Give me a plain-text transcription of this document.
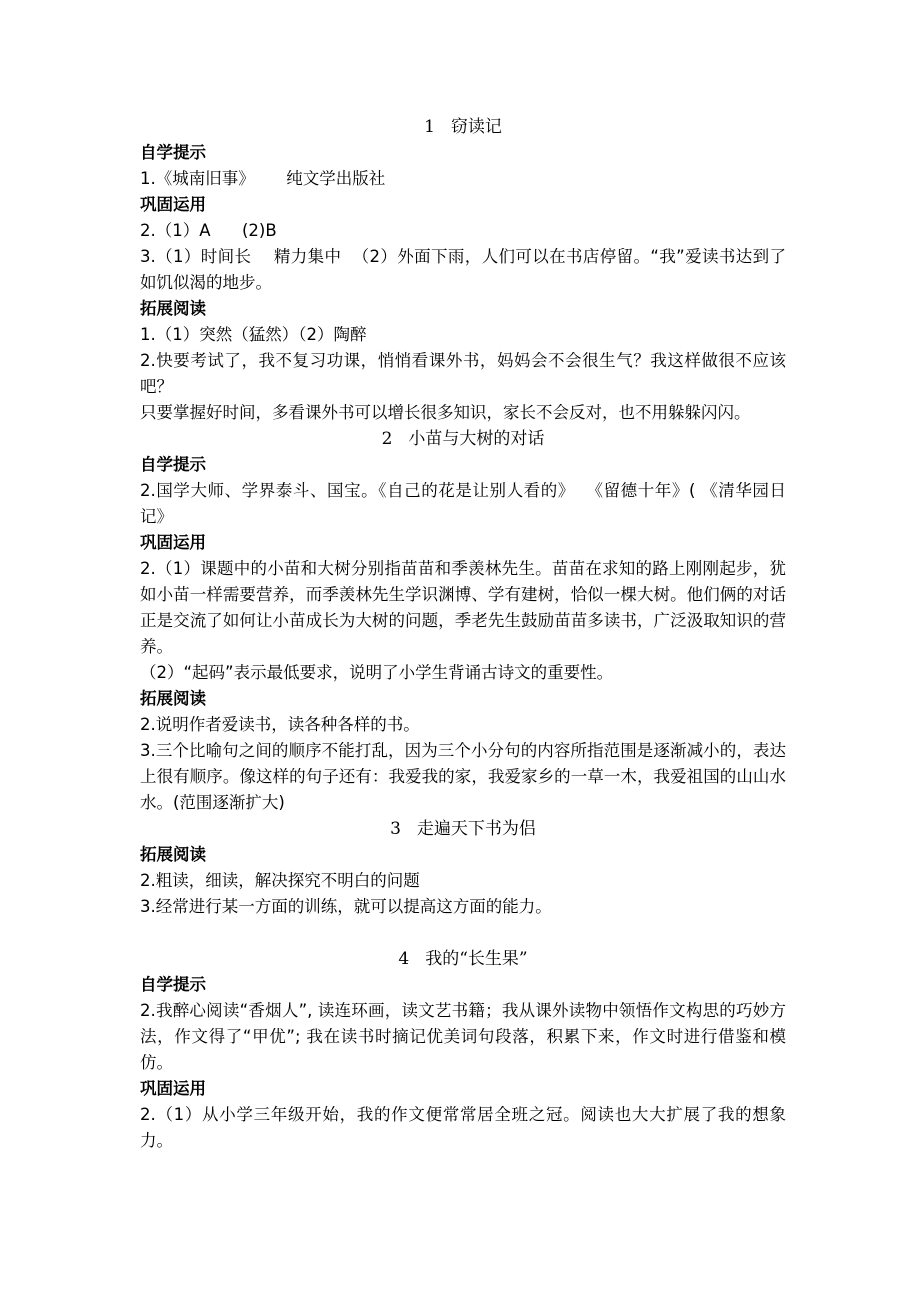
1 窃读记

自学提示

1.《城南旧事》      纯文学出版社

巩固运用

2.（1）A      (2)B

3.（1）时间长    精力集中  （2）外面下雨，人们可以在书店停留。“我”爱读书达到了如饥似渴的地步。

拓展阅读

1.（1）突然（猛然）（2）陶醉

2.快要考试了，我不复习功课，悄悄看课外书，妈妈会不会很生气？我这样做很不应该吧？

只要掌握好时间，多看课外书可以增长很多知识，家长不会反对，也不用躲躲闪闪。

2 小苗与大树的对话

自学提示

2.国学大师、学界泰斗、国宝。《自己的花是让别人看的》  《留德十年》( 《清华园日记》

巩固运用

2.（1）课题中的小苗和大树分别指苗苗和季羡林先生。苗苗在求知的路上刚刚起步，犹如小苗一样需要营养，而季羡林先生学识渊博、学有建树，恰似一棵大树。他们俩的对话正是交流了如何让小苗成长为大树的问题，季老先生鼓励苗苗多读书，广泛汲取知识的营养。

（2）“起码”表示最低要求，说明了小学生背诵古诗文的重要性。

拓展阅读

2.说明作者爱读书，读各种各样的书。

3.三个比喻句之间的顺序不能打乱，因为三个小分句的内容所指范围是逐渐减小的，表达上很有顺序。像这样的句子还有：我爱我的家，我爱家乡的一草一木，我爱祖国的山山水水。(范围逐渐扩大)

3 走遍天下书为侣

拓展阅读

2.粗读，细读，解决探究不明白的问题

3.经常进行某一方面的训练，就可以提高这方面的能力。

4 我的“长生果”

自学提示

2.我醉心阅读“香烟人”, 读连环画，读文艺书籍；我从课外读物中领悟作文构思的巧妙方法，作文得了“甲优”; 我在读书时摘记优美词句段落，积累下来，作文时进行借鉴和模仿。

巩固运用

2.（1）从小学三年级开始，我的作文便常常居全班之冠。阅读也大大扩展了我的想象力。
